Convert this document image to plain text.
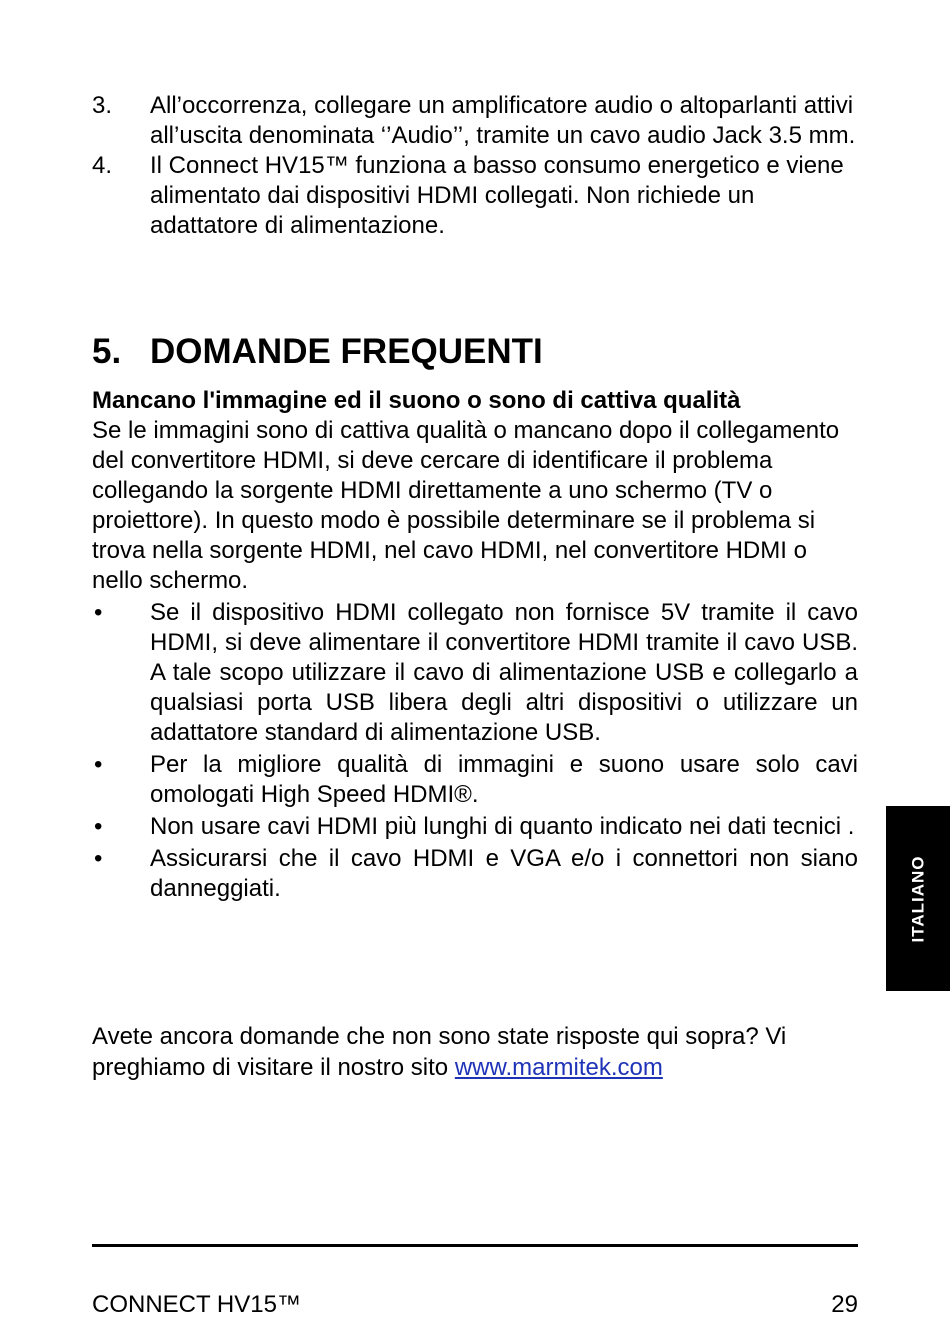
3.	All’occorrenza, collegare un amplificatore audio o altoparlanti attivi all’uscita denominata ‘’Audio’’, tramite un cavo audio Jack 3.5 mm.
4.	Il Connect HV15™ funziona a basso consumo energetico e viene alimentato dai dispositivi HDMI collegati. Non richiede un adattatore di alimentazione.
5. DOMANDE FREQUENTI

Mancano l'immagine ed il suono o sono di cattiva qualità

Se le immagini sono di cattiva qualità o mancano dopo il collegamento del convertitore HDMI, si deve cercare di identificare il problema collegando la sorgente HDMI direttamente a uno schermo (TV o proiettore). In questo modo è possibile determinare se il problema si trova nella sorgente HDMI, nel cavo HDMI, nel convertitore HDMI o nello schermo.

•	Se il dispositivo HDMI collegato non fornisce 5V tramite il cavo HDMI, si deve alimentare il convertitore HDMI tramite il cavo USB. A tale scopo utilizzare il cavo di alimentazione USB e collegarlo a qualsiasi porta USB libera degli altri dispositivi o utilizzare un adattatore standard di alimentazione USB.
•	Per la migliore qualità di immagini e suono usare solo cavi omologati High Speed HDMI®.
•	Non usare cavi HDMI più lunghi di quanto indicato nei dati tecnici .
•	Assicurarsi che il cavo HDMI e VGA e/o i connettori non siano danneggiati.

Avete ancora domande che non sono state risposte qui sopra? Vi preghiamo di visitare il nostro sito www.marmitek.com

ITALIANO
CONNECT HV15™	29
